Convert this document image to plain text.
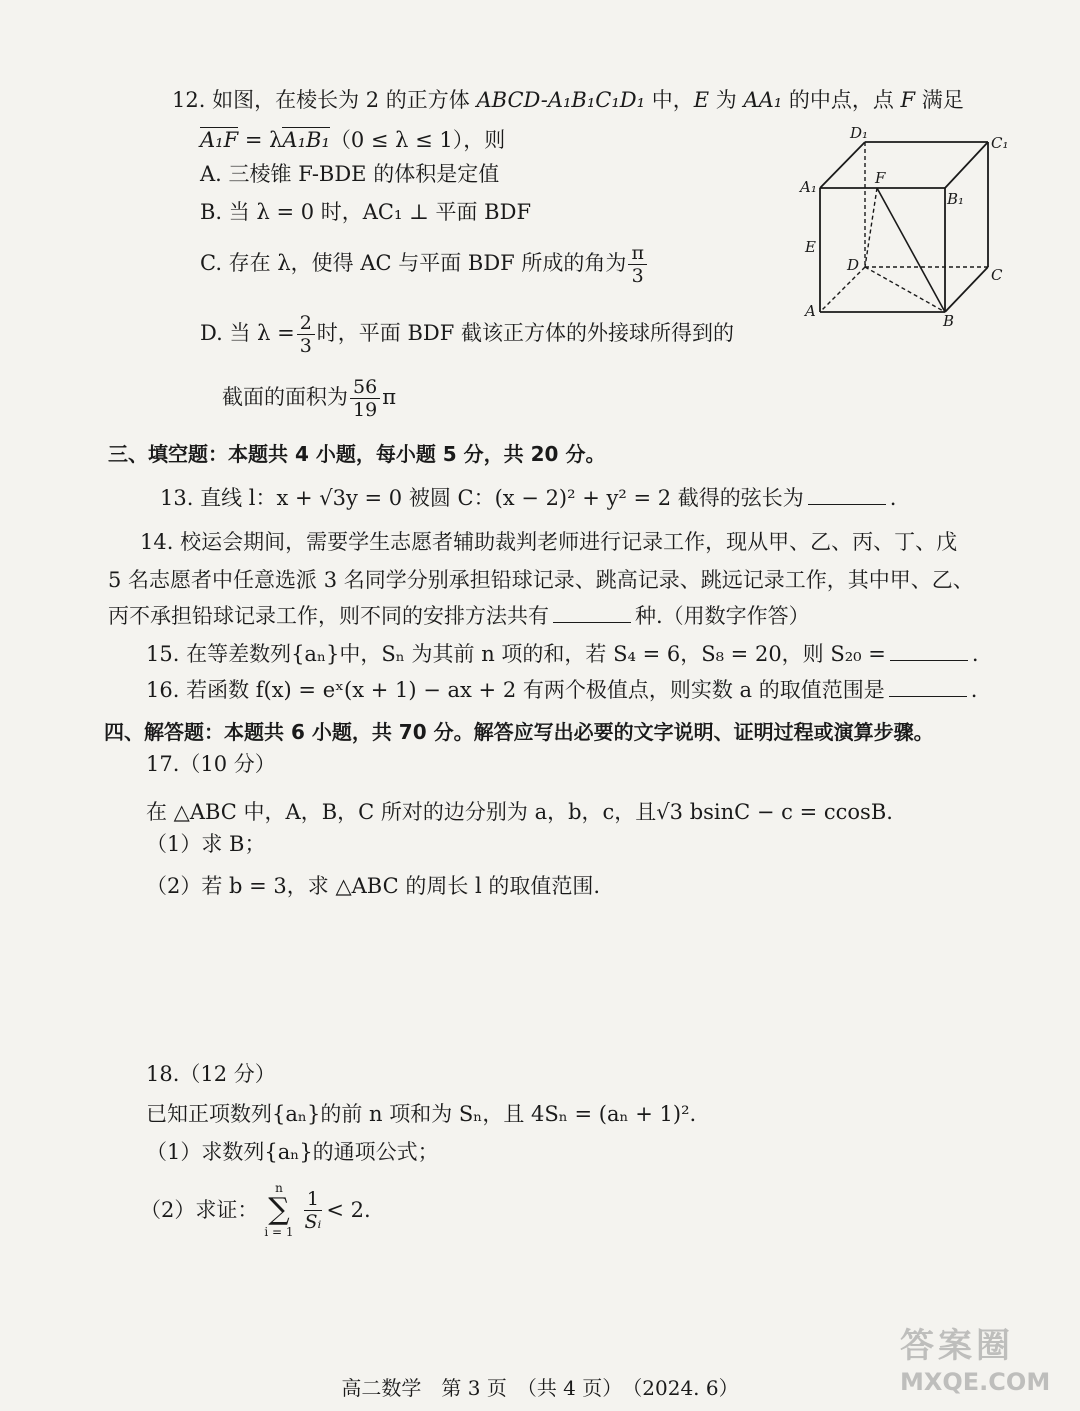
12. 如图，在棱长为 2 的正方体 ABCD-A₁B₁C₁D₁ 中，E 为 AA₁ 的中点，点 F 满足
A₁F = λA₁B₁（0 ≤ λ ≤ 1），则
A. 三棱锥 F-BDE 的体积是定值
B. 当 λ = 0 时，AC₁ ⊥ 平面 BDF
C. 存在 λ，使得 AC 与平面 BDF 所成的角为 $\frac{\pi}{3}$
D. 当 $\lambda = \frac{2}{3}$ 时，平面 BDF 截该正方体的外接球所得到的
截面的面积为 $\frac{56}{19}$ π
D₁
C₁
A₁	F
B₁
E
D
C
A
B
三、填空题：本题共 4 小题，每小题 5 分，共 20 分。
13. 直线 l：x + √3y = 0 被圆 C：(x − 2)² + y² = 2 截得的弦长为	.
14. 校运会期间，需要学生志愿者辅助裁判老师进行记录工作，现从甲、乙、丙、丁、戊
5 名志愿者中任意选派 3 名同学分别承担铅球记录、跳高记录、跳远记录工作，其中甲、乙、
丙不承担铅球记录工作，则不同的安排方法共有	种.（用数字作答）
15. 在等差数列{aₙ}中，Sₙ 为其前 n 项的和，若 S₄ = 6，S₈ = 20，则 S₂₀ =	.
16. 若函数 f(x) = eˣ(x + 1) − ax + 2 有两个极值点，则实数 a 的取值范围是	.
四、解答题：本题共 6 小题，共 70 分。解答应写出必要的文字说明、证明过程或演算步骤。
17.（10 分）
在 △ABC 中，A，B，C 所对的边分别为 a，b，c，且√3 bsinC − c = ccosB.
（1）求 B；
（2）若 b = 3，求 △ABC 的周长 l 的取值范围.
18.（12 分）
已知正项数列{aₙ}的前 n 项和为 Sₙ，且 4Sₙ = (aₙ + 1)².
（1）求数列{aₙ}的通项公式；
（2）求证：
n
∑
$i = 1 \frac{1}{\text{Sᵢ}} < 2$.
答案圈
MXQE.COM
高二数学　第 3 页　（共 4 页）　（2024. 6）
